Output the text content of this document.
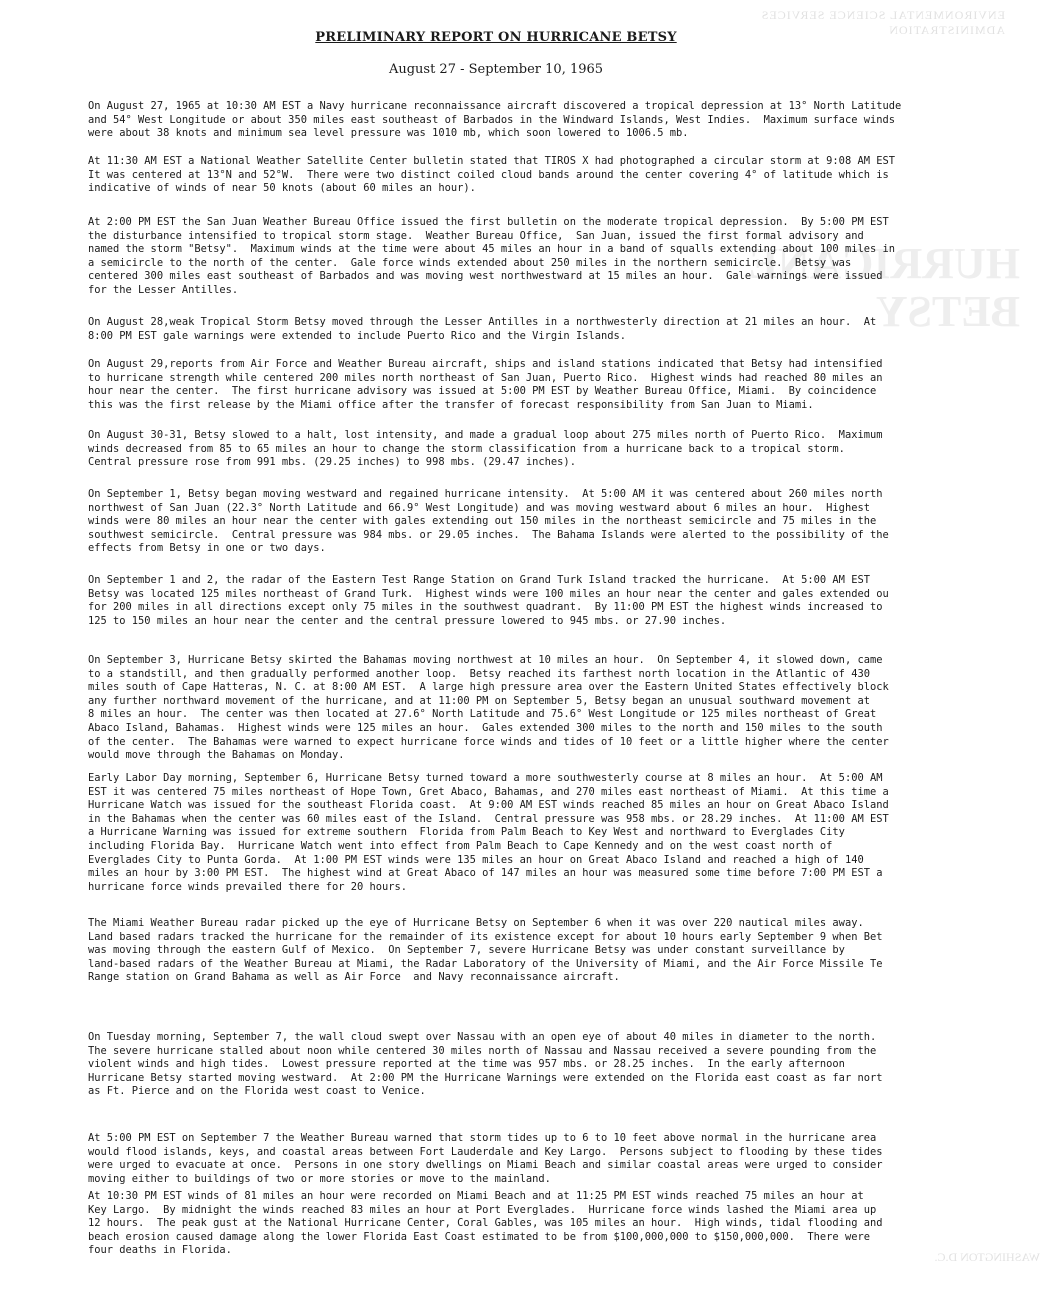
ENVIRONMENTAL SCIENCE SERVICES ADMINISTRATION
HURRICANE BETSY
WASHINGTON D.C.
PRELIMINARY REPORT ON HURRICANE BETSY
August 27 - September 10, 1965

On August 27, 1965 at 10:30 AM EST a Navy hurricane reconnaissance aircraft discovered a tropical depression at 13° North Latitude
and 54° West Longitude or about 350 miles east southeast of Barbados in the Windward Islands, West Indies.  Maximum surface winds
were about 38 knots and minimum sea level pressure was 1010 mb, which soon lowered to 1006.5 mb.

At 11:30 AM EST a National Weather Satellite Center bulletin stated that TIROS X had photographed a circular storm at 9:08 AM EST
It was centered at 13°N and 52°W.  There were two distinct coiled cloud bands around the center covering 4° of latitude which is
indicative of winds of near 50 knots (about 60 miles an hour).

At 2:00 PM EST the San Juan Weather Bureau Office issued the first bulletin on the moderate tropical depression.  By 5:00 PM EST
the disturbance intensified to tropical storm stage.  Weather Bureau Office,  San Juan, issued the first formal advisory and
named the storm "Betsy".  Maximum winds at the time were about 45 miles an hour in a band of squalls extending about 100 miles in
a semicircle to the north of the center.  Gale force winds extended about 250 miles in the northern semicircle.  Betsy was
centered 300 miles east southeast of Barbados and was moving west northwestward at 15 miles an hour.  Gale warnings were issued
for the Lesser Antilles.

On August 28,weak Tropical Storm Betsy moved through the Lesser Antilles in a northwesterly direction at 21 miles an hour.  At
8:00 PM EST gale warnings were extended to include Puerto Rico and the Virgin Islands.

On August 29,reports from Air Force and Weather Bureau aircraft, ships and island stations indicated that Betsy had intensified
to hurricane strength while centered 200 miles north northeast of San Juan, Puerto Rico.  Highest winds had reached 80 miles an
hour near the center.  The first hurricane advisory was issued at 5:00 PM EST by Weather Bureau Office, Miami.  By coincidence
this was the first release by the Miami office after the transfer of forecast responsibility from San Juan to Miami.

On August 30-31, Betsy slowed to a halt, lost intensity, and made a gradual loop about 275 miles north of Puerto Rico.  Maximum
winds decreased from 85 to 65 miles an hour to change the storm classification from a hurricane back to a tropical storm.
Central pressure rose from 991 mbs. (29.25 inches) to 998 mbs. (29.47 inches).

On September 1, Betsy began moving westward and regained hurricane intensity.  At 5:00 AM it was centered about 260 miles north
northwest of San Juan (22.3° North Latitude and 66.9° West Longitude) and was moving westward about 6 miles an hour.  Highest
winds were 80 miles an hour near the center with gales extending out 150 miles in the northeast semicircle and 75 miles in the
southwest semicircle.  Central pressure was 984 mbs. or 29.05 inches.  The Bahama Islands were alerted to the possibility of the
effects from Betsy in one or two days.

On September 1 and 2, the radar of the Eastern Test Range Station on Grand Turk Island tracked the hurricane.  At 5:00 AM EST
Betsy was located 125 miles northeast of Grand Turk.  Highest winds were 100 miles an hour near the center and gales extended ou
for 200 miles in all directions except only 75 miles in the southwest quadrant.  By 11:00 PM EST the highest winds increased to
125 to 150 miles an hour near the center and the central pressure lowered to 945 mbs. or 27.90 inches.

On September 3, Hurricane Betsy skirted the Bahamas moving northwest at 10 miles an hour.  On September 4, it slowed down, came
to a standstill, and then gradually performed another loop.  Betsy reached its farthest north location in the Atlantic of 430
miles south of Cape Hatteras, N. C. at 8:00 AM EST.  A large high pressure area over the Eastern United States effectively block
any further northward movement of the hurricane, and at 11:00 PM on September 5, Betsy began an unusual southward movement at
8 miles an hour.  The center was then located at 27.6° North Latitude and 75.6° West Longitude or 125 miles northeast of Great
Abaco Island, Bahamas.  Highest winds were 125 miles an hour.  Gales extended 300 miles to the north and 150 miles to the south
of the center.  The Bahamas were warned to expect hurricane force winds and tides of 10 feet or a little higher where the center
would move through the Bahamas on Monday.

Early Labor Day morning, September 6, Hurricane Betsy turned toward a more southwesterly course at 8 miles an hour.  At 5:00 AM
EST it was centered 75 miles northeast of Hope Town, Gret Abaco, Bahamas, and 270 miles east northeast of Miami.  At this time a
Hurricane Watch was issued for the southeast Florida coast.  At 9:00 AM EST winds reached 85 miles an hour on Great Abaco Island
in the Bahamas when the center was 60 miles east of the Island.  Central pressure was 958 mbs. or 28.29 inches.  At 11:00 AM EST
a Hurricane Warning was issued for extreme southern  Florida from Palm Beach to Key West and northward to Everglades City
including Florida Bay.  Hurricane Watch went into effect from Palm Beach to Cape Kennedy and on the west coast north of
Everglades City to Punta Gorda.  At 1:00 PM EST winds were 135 miles an hour on Great Abaco Island and reached a high of 140
miles an hour by 3:00 PM EST.  The highest wind at Great Abaco of 147 miles an hour was measured some time before 7:00 PM EST a
hurricane force winds prevailed there for 20 hours.

The Miami Weather Bureau radar picked up the eye of Hurricane Betsy on September 6 when it was over 220 nautical miles away.
Land based radars tracked the hurricane for the remainder of its existence except for about 10 hours early September 9 when Bet
was moving through the eastern Gulf of Mexico.  On September 7, severe Hurricane Betsy was under constant surveillance by
land-based radars of the Weather Bureau at Miami, the Radar Laboratory of the University of Miami, and the Air Force Missile Te
Range station on Grand Bahama as well as Air Force  and Navy reconnaissance aircraft.

On Tuesday morning, September 7, the wall cloud swept over Nassau with an open eye of about 40 miles in diameter to the north.
The severe hurricane stalled about noon while centered 30 miles north of Nassau and Nassau received a severe pounding from the
violent winds and high tides.  Lowest pressure reported at the time was 957 mbs. or 28.25 inches.  In the early afternoon
Hurricane Betsy started moving westward.  At 2:00 PM the Hurricane Warnings were extended on the Florida east coast as far nort
as Ft. Pierce and on the Florida west coast to Venice.

At 5:00 PM EST on September 7 the Weather Bureau warned that storm tides up to 6 to 10 feet above normal in the hurricane area
would flood islands, keys, and coastal areas between Fort Lauderdale and Key Largo.  Persons subject to flooding by these tides
were urged to evacuate at once.  Persons in one story dwellings on Miami Beach and similar coastal areas were urged to consider
moving either to buildings of two or more stories or move to the mainland.

At 10:30 PM EST winds of 81 miles an hour were recorded on Miami Beach and at 11:25 PM EST winds reached 75 miles an hour at
Key Largo.  By midnight the winds reached 83 miles an hour at Port Everglades.  Hurricane force winds lashed the Miami area up
12 hours.  The peak gust at the National Hurricane Center, Coral Gables, was 105 miles an hour.  High winds, tidal flooding and
beach erosion caused damage along the lower Florida East Coast estimated to be from $100,000,000 to $150,000,000.  There were
four deaths in Florida.
